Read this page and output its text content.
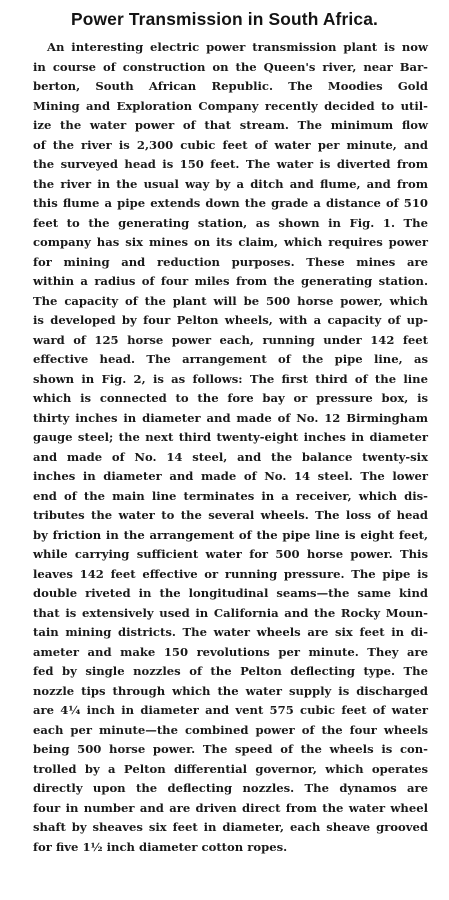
Power Transmission in South Africa.
An interesting electric power transmission plant is now
in course of construction on the Queen's river, near Bar-
berton, South African Republic. The Moodies Gold
Mining and Exploration Company recently decided to util-
ize the water power of that stream. The minimum flow
of the river is 2,300 cubic feet of water per minute, and
the surveyed head is 150 feet. The water is diverted from
the river in the usual way by a ditch and flume, and from
this flume a pipe extends down the grade a distance of 510
feet to the generating station, as shown in Fig. 1. The
company has six mines on its claim, which requires power
for mining and reduction purposes. These mines are
within a radius of four miles from the generating station.
The capacity of the plant will be 500 horse power, which
is developed by four Pelton wheels, with a capacity of up-
ward of 125 horse power each, running under 142 feet
effective head. The arrangement of the pipe line, as
shown in Fig. 2, is as follows: The first third of the line
which is connected to the fore bay or pressure box, is
thirty inches in diameter and made of No. 12 Birmingham
gauge steel; the next third twenty-eight inches in diameter
and made of No. 14 steel, and the balance twenty-six
inches in diameter and made of No. 14 steel. The lower
end of the main line terminates in a receiver, which dis-
tributes the water to the several wheels. The loss of head
by friction in the arrangement of the pipe line is eight feet,
while carrying sufficient water for 500 horse power. This
leaves 142 feet effective or running pressure. The pipe is
double riveted in the longitudinal seams—the same kind
that is extensively used in California and the Rocky Moun-
tain mining districts. The water wheels are six feet in di-
ameter and make 150 revolutions per minute. They are
fed by single nozzles of the Pelton deflecting type. The
nozzle tips through which the water supply is discharged
are 4¼ inch in diameter and vent 575 cubic feet of water
each per minute—the combined power of the four wheels
being 500 horse power. The speed of the wheels is con-
trolled by a Pelton differential governor, which operates
directly upon the deflecting nozzles. The dynamos are
four in number and are driven direct from the water wheel
shaft by sheaves six feet in diameter, each sheave grooved
for five 1½ inch diameter cotton ropes.
